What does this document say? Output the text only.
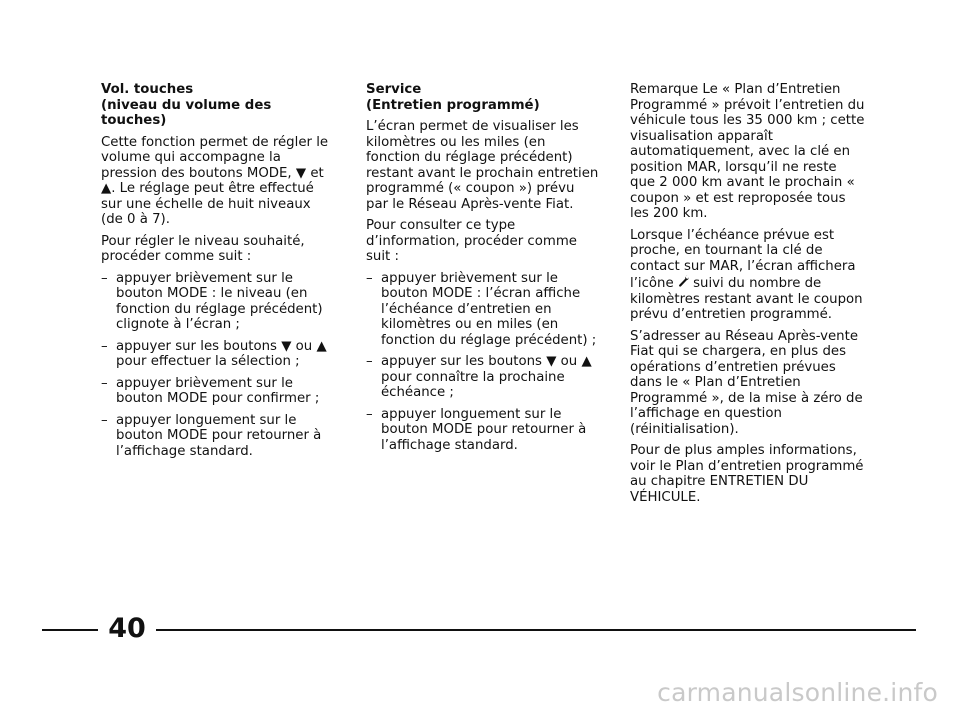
Vol. touches
(niveau du volume des touches)

Cette fonction permet de régler le volume qui accompagne la pression des boutons MODE, ▼ et ▲. Le réglage peut être effectué sur une échelle de huit niveaux (de 0 à 7).

Pour régler le niveau souhaité, procéder comme suit :

– appuyer brièvement sur le bouton MODE : le niveau (en fonction du réglage précédent) clignote à l’écran ;
– appuyer sur les boutons ▼ ou ▲ pour effectuer la sélection ;
– appuyer brièvement sur le bouton MODE pour confirmer ;
– appuyer longuement sur le bouton MODE pour retourner à l’affichage standard.
Service
(Entretien programmé)

L’écran permet de visualiser les kilomètres ou les miles (en fonction du réglage précédent) restant avant le prochain entretien programmé (« coupon ») prévu par le Réseau Après-vente Fiat.

Pour consulter ce type d’information, procéder comme suit :

– appuyer brièvement sur le bouton MODE : l’écran affiche l’échéance d’entretien en kilomètres ou en miles (en fonction du réglage précédent) ;
– appuyer sur les boutons ▼ ou ▲ pour connaître la prochaine échéance ;
– appuyer longuement sur le bouton MODE pour retourner à l’affichage standard.

Remarque Le « Plan d’Entretien Programmé » prévoit l’entretien du véhicule tous les 35 000 km ; cette visualisation apparaît automatiquement, avec la clé en position MAR, lorsqu’il ne reste que 2 000 km avant le prochain « coupon » et est reproposée tous les 200 km.

Lorsque l’échéance prévue est proche, en tournant la clé de contact sur MAR, l’écran affichera l’icône  suivi du nombre de kilomètres restant avant le coupon prévu d’entretien programmé.

S’adresser au Réseau Après-vente Fiat qui se chargera, en plus des opérations d’entretien prévues dans le « Plan d’Entretien Programmé », de la mise à zéro de l’affichage en question (réinitialisation).

Pour de plus amples informations, voir le Plan d’entretien programmé au chapitre ENTRETIEN DU VÉHICULE.

40
carmanualsonline.info
